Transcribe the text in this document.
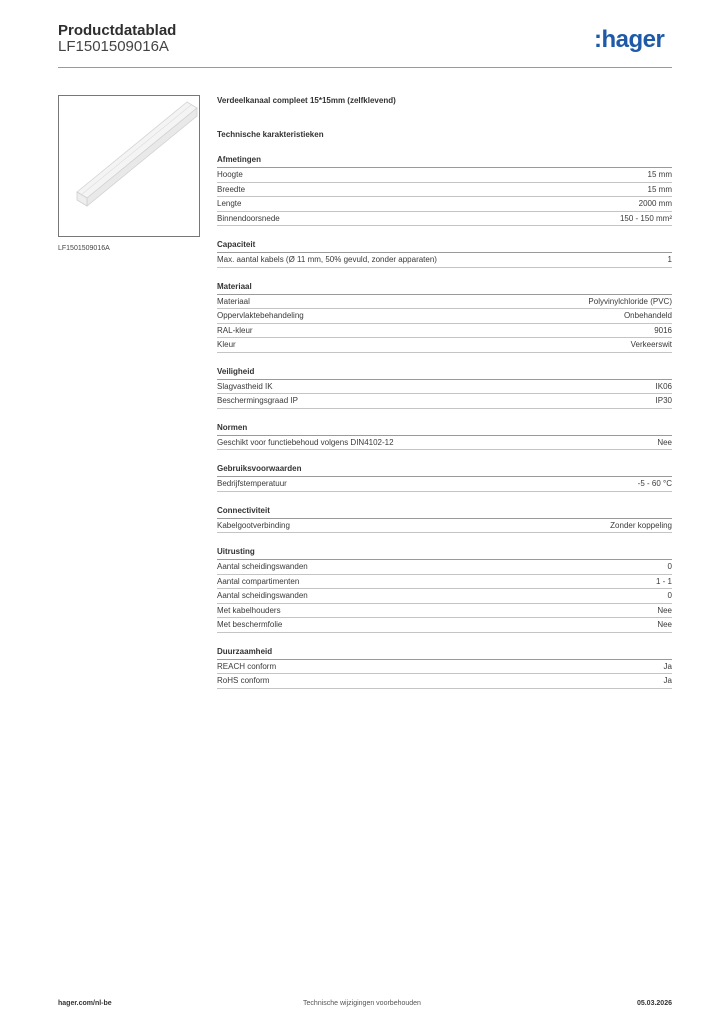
Productdatablad
LF1501509016A	:hager
LF1501509016A
Verdeelkanaal compleet 15*15mm (zelfklevend)
Technische karakteristieken
Afmetingen
Hoogte	15 mm
Breedte	15 mm
Lengte	2000 mm
Binnendoorsnede	150 - 150 mm²
Capaciteit
Max. aantal kabels (Ø 11 mm, 50% gevuld, zonder apparaten)	1
Materiaal
Materiaal	Polyvinylchloride (PVC)
Oppervlaktebehandeling	Onbehandeld
RAL-kleur	9016
Kleur	Verkeerswit
Veiligheid
Slagvastheid IK	IK06
Beschermingsgraad IP	IP30
Normen
Geschikt voor functiebehoud volgens DIN4102-12	Nee
Gebruiksvoorwaarden
Bedrijfstemperatuur	-5 - 60 °C
Connectiviteit
Kabelgootverbinding	Zonder koppeling
Uitrusting
Aantal scheidingswanden	0
Aantal compartimenten	1 - 1
Aantal scheidingswanden	0
Met kabelhouders	Nee
Met beschermfolie	Nee
Duurzaamheid
REACH conform	Ja
RoHS conform	Ja
hager.com/nl-be	Technische wijzigingen voorbehouden	05.03.2026
